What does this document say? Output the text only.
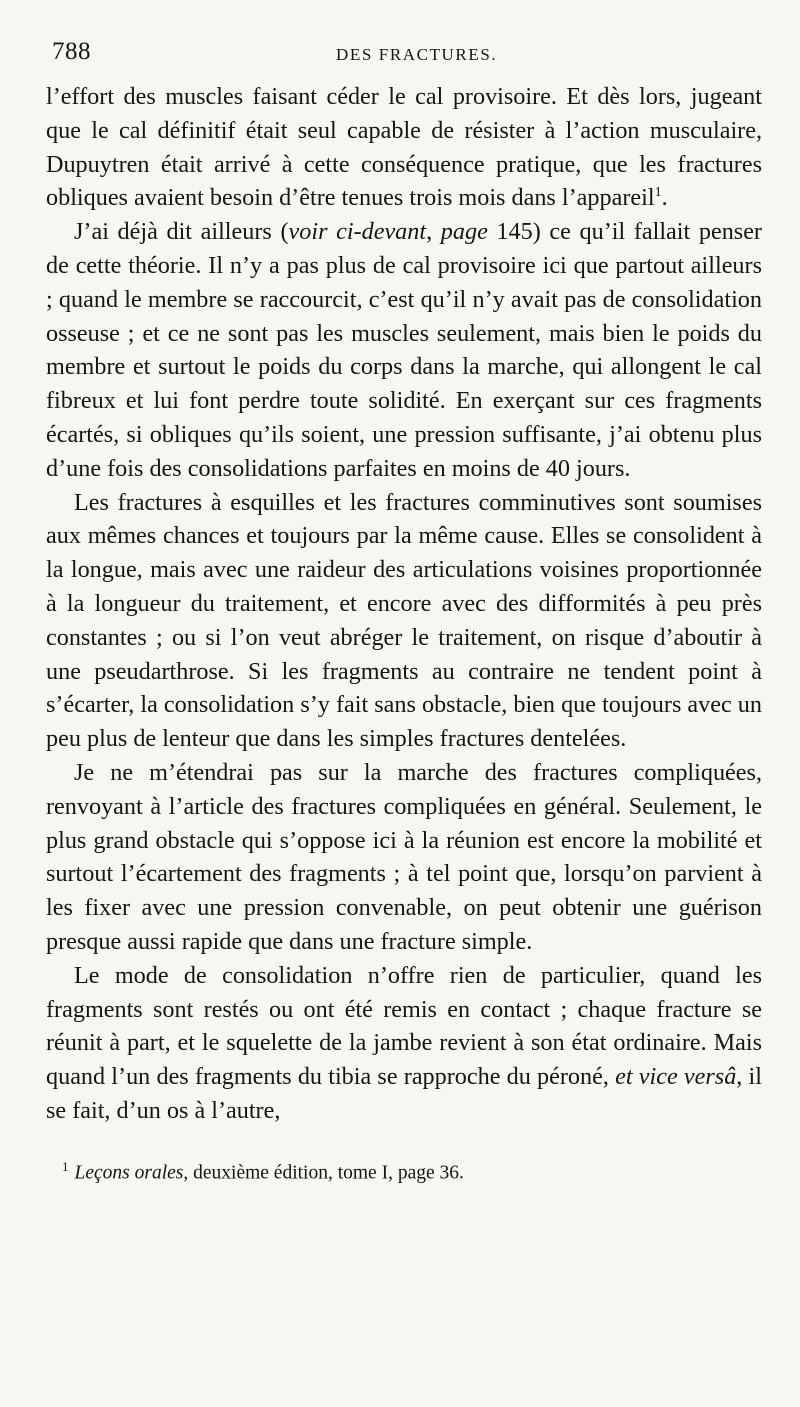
788	DES FRACTURES.

l’effort des muscles faisant céder le cal provisoire. Et dès lors, jugeant que le cal définitif était seul capable de résister à l’action musculaire, Dupuytren était arrivé à cette conséquence pratique, que les fractures obliques avaient besoin d’être tenues trois mois dans l’appareil$^1$.

J’ai déjà dit ailleurs (voir ci-devant, page 145) ce qu’il fallait penser de cette théorie. Il n’y a pas plus de cal provisoire ici que partout ailleurs ; quand le membre se raccourcit, c’est qu’il n’y avait pas de consolidation osseuse ; et ce ne sont pas les muscles seulement, mais bien le poids du membre et surtout le poids du corps dans la marche, qui allongent le cal fibreux et lui font perdre toute solidité. En exerçant sur ces fragments écartés, si obliques qu’ils soient, une pression suffisante, j’ai obtenu plus d’une fois des consolidations parfaites en moins de 40 jours.

Les fractures à esquilles et les fractures comminutives sont soumises aux mêmes chances et toujours par la même cause. Elles se consolident à la longue, mais avec une raideur des articulations voisines proportionnée à la longueur du traitement, et encore avec des difformités à peu près constantes ; ou si l’on veut abréger le traitement, on risque d’aboutir à une pseudarthrose. Si les fragments au contraire ne tendent point à s’écarter, la consolidation s’y fait sans obstacle, bien que toujours avec un peu plus de lenteur que dans les simples fractures dentelées.

Je ne m’étendrai pas sur la marche des fractures compliquées, renvoyant à l’article des fractures compliquées en général. Seulement, le plus grand obstacle qui s’oppose ici à la réunion est encore la mobilité et surtout l’écartement des fragments ; à tel point que, lorsqu’on parvient à les fixer avec une pression convenable, on peut obtenir une guérison presque aussi rapide que dans une fracture simple.

Le mode de consolidation n’offre rien de particulier, quand les fragments sont restés ou ont été remis en contact ; chaque fracture se réunit à part, et le squelette de la jambe revient à son état ordinaire. Mais quand l’un des fragments du tibia se rapproche du péroné, et vice versâ, il se fait, d’un os à l’autre,

$^1$ Leçons orales, deuxième édition, tome I, page 36.
